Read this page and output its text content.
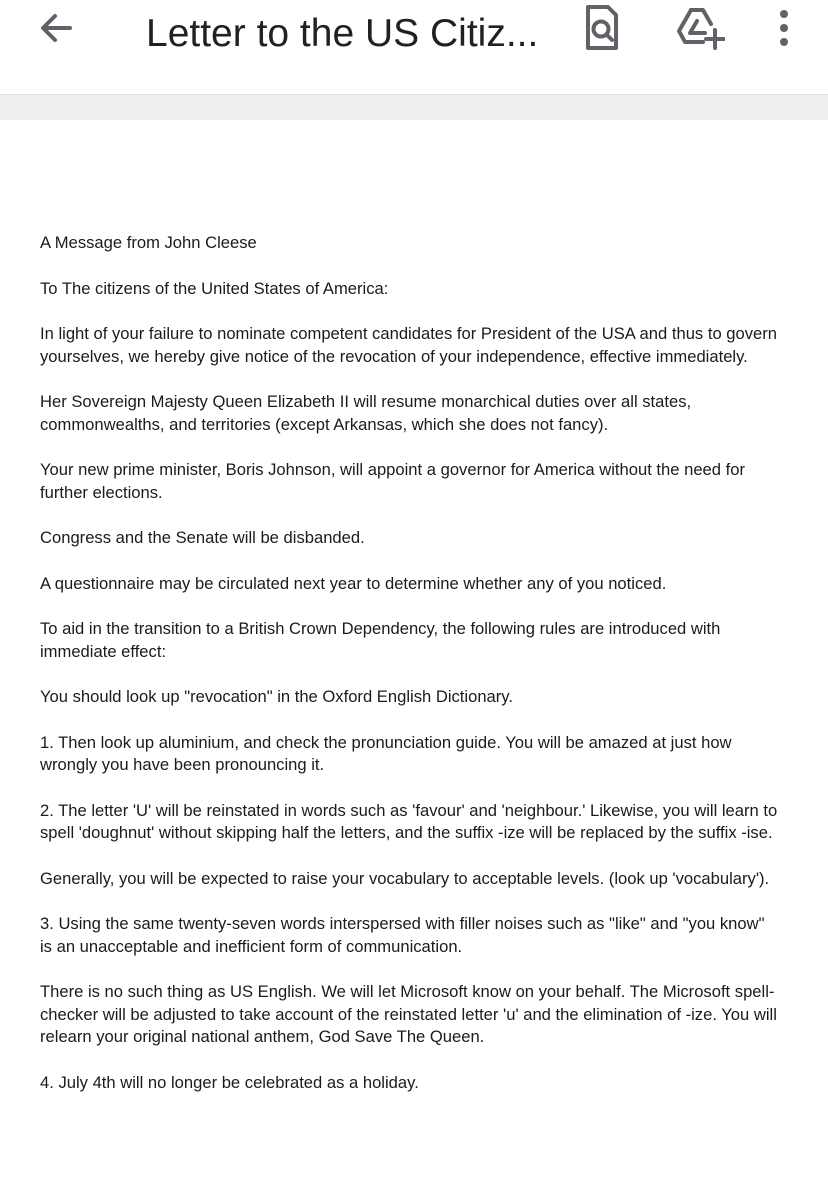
Letter to the US Citiz...

A Message from John Cleese

To The citizens of the United States of America:

In light of your failure to nominate competent candidates for President of the USA and thus to govern yourselves, we hereby give notice of the revocation of your independence, effective immediately.

Her Sovereign Majesty Queen Elizabeth II will resume monarchical duties over all states, commonwealths, and territories (except Arkansas, which she does not fancy).

Your new prime minister, Boris Johnson, will appoint a governor for America without the need for further elections.

Congress and the Senate will be disbanded.

A questionnaire may be circulated next year to determine whether any of you noticed.

To aid in the transition to a British Crown Dependency, the following rules are introduced with immediate effect:

You should look up "revocation" in the Oxford English Dictionary.

1. Then look up aluminium, and check the pronunciation guide. You will be amazed at just how wrongly you have been pronouncing it.

2. The letter 'U' will be reinstated in words such as 'favour' and 'neighbour.' Likewise, you will learn to spell 'doughnut' without skipping half the letters, and the suffix -ize will be replaced by the suffix -ise.

Generally, you will be expected to raise your vocabulary to acceptable levels. (look up 'vocabulary').

3. Using the same twenty-seven words interspersed with filler noises such as "like" and "you know" is an unacceptable and inefficient form of communication.

There is no such thing as US English. We will let Microsoft know on your behalf. The Microsoft spell- checker will be adjusted to take account of the reinstated letter 'u' and the elimination of -ize. You will relearn your original national anthem, God Save The Queen.

4. July 4th will no longer be celebrated as a holiday.
